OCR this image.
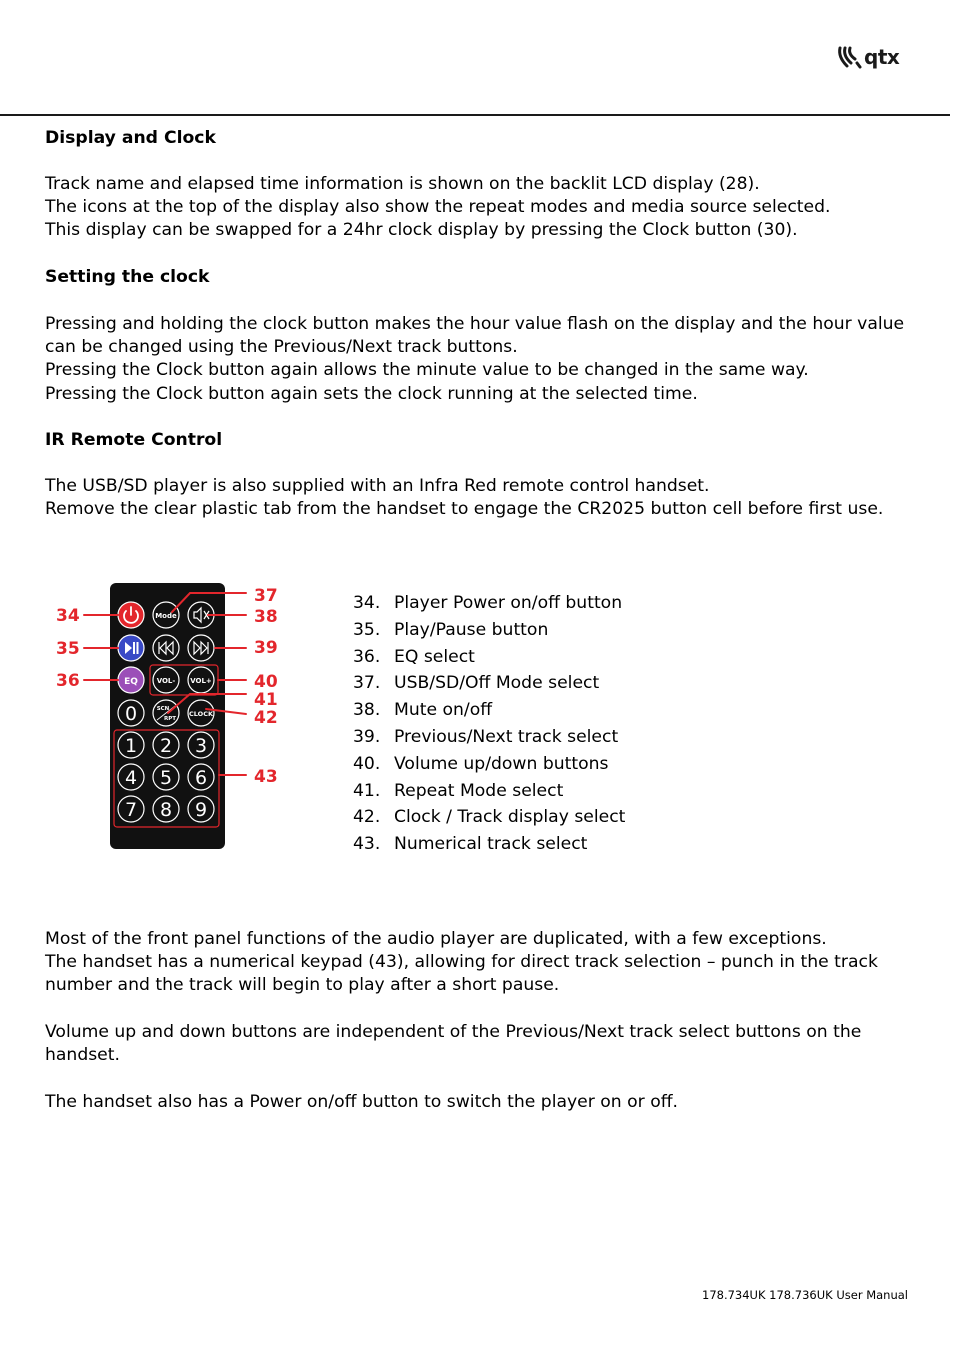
qtx

Display and Clock

Track name and elapsed time information is shown on the backlit LCD display (28).

The icons at the top of the display also show the repeat modes and media source selected.

This display can be swapped for a 24hr clock display by pressing the Clock button (30).

Setting the clock

Pressing and holding the clock button makes the hour value flash on the display and the hour value can be changed using the Previous/Next track buttons.

Pressing the Clock button again allows the minute value to be changed in the same way.

Pressing the Clock button again sets the clock running at the selected time.

IR Remote Control

The USB/SD player is also supplied with an Infra Red remote control handset.

Remove the clear plastic tab from the handset to engage the CR2025 button cell before first use.

Mode
EQ	VOL- VOL+
0	SCN
RPT
CLOCK
1 2 3
4 5 6
7 8 9
34
35
36
37
38
39
40
41
42
43
34. Player Power on/off button
35. Play/Pause button
36. EQ select
37. USB/SD/Off Mode select
38. Mute on/off
39. Previous/Next track select
40. Volume up/down buttons
41. Repeat Mode select
42. Clock / Track display select
43. Numerical track select

Most of the front panel functions of the audio player are duplicated, with a few exceptions.

The handset has a numerical keypad (43), allowing for direct track selection – punch in the track number and the track will begin to play after a short pause.

Volume up and down buttons are independent of the Previous/Next track select buttons on the handset.

The handset also has a Power on/off button to switch the player on or off.

178.734UK 178.736UK User Manual
